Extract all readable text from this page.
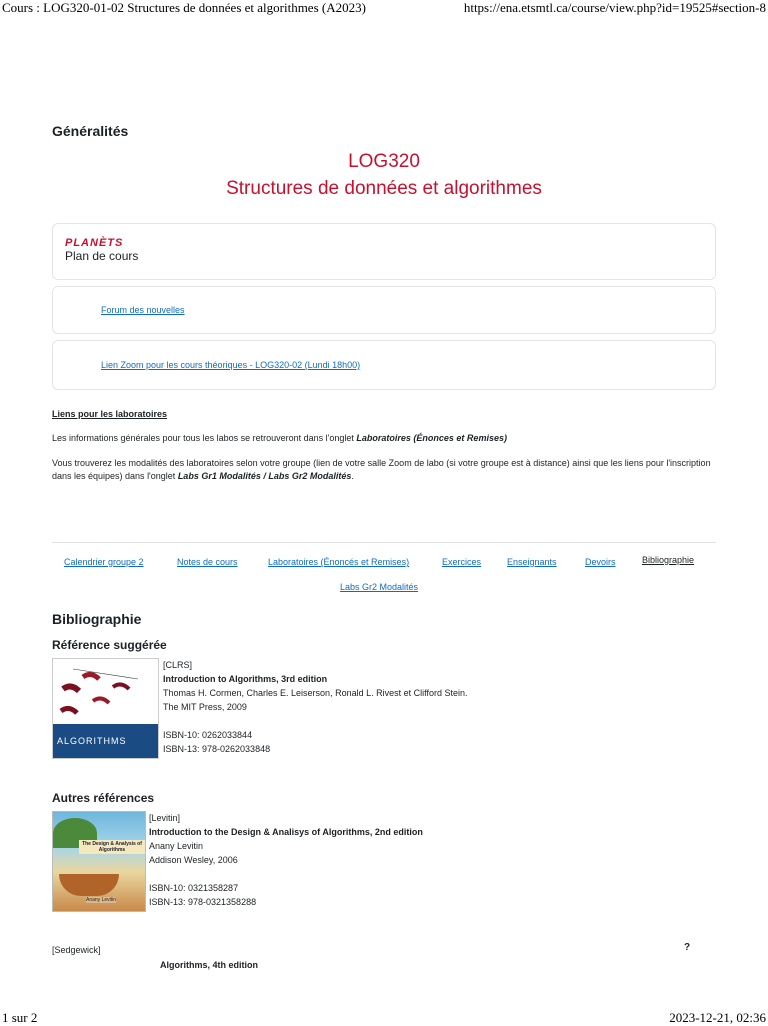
Cours : LOG320-01-02 Structures de données et algorithmes (A2023)	https://ena.etsmtl.ca/course/view.php?id=19525#section-8
Généralités
LOG320
Structures de données et algorithmes
PLANÈTS
Plan de cours
Forum des nouvelles
Lien Zoom pour les cours théoriques - LOG320-02 (Lundi 18h00)
Liens pour les laboratoires
Les informations générales pour tous les labos se retrouveront dans l'onglet Laboratoires (Énonces et Remises)
Vous trouverez les modalités des laboratoires selon votre groupe (lien de votre salle Zoom de labo (si votre groupe est à distance) ainsi que les liens pour l'inscription dans les équipes) dans l'onglet Labs Gr1 Modalités / Labs Gr2 Modalités.
Calendrier groupe 2	Notes de cours	Laboratoires (Énoncés et Remises)	Exercices	Enseignants	Devoirs	Bibliographie
Labs Gr2 Modalités
Bibliographie
Référence suggérée
ALGORITHMS
[CLRS]
Introduction to Algorithms, 3rd edition
Thomas H. Cormen, Charles E. Leiserson, Ronald L. Rivest et Clifford Stein.
The MIT Press, 2009
ISBN-10: 0262033844
ISBN-13: 978-0262033848
Autres références
The Design & Analysis of Algorithms
Anany Levitin
[Levitin]
Introduction to the Design & Analisys of Algorithms, 2nd edition
Anany Levitin
Addison Wesley, 2006
ISBN-10: 0321358287
ISBN-13: 978-0321358288
[Sedgewick]
Algorithms, 4th edition
?
1 sur 2	2023-12-21, 02:36
